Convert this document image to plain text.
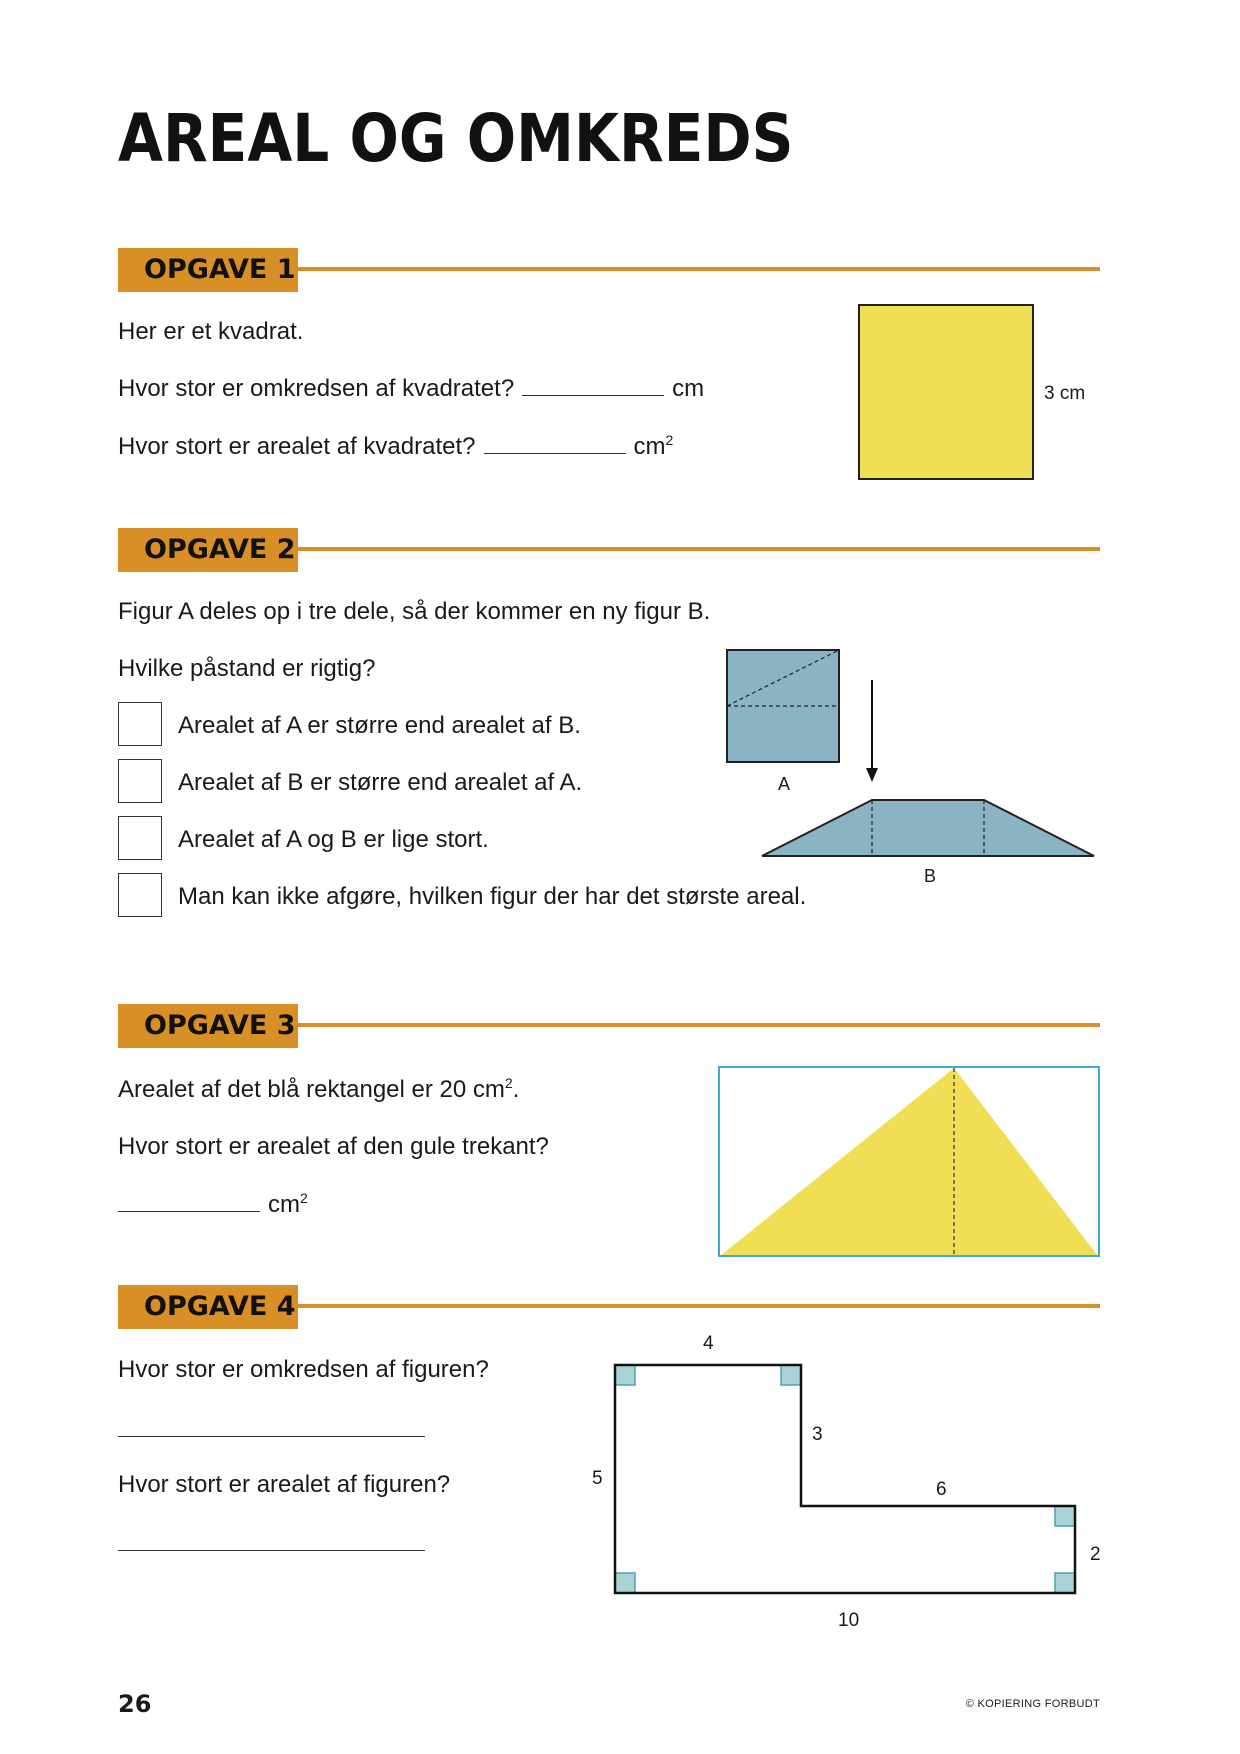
AREAL OG OMKREDS
OPGAVE 1
Her er et kvadrat.
Hvor stor er omkredsen af kvadratet?	cm
Hvor stort er arealet af kvadratet?	$cm^2$
3 cm
OPGAVE 2
Figur A deles op i tre dele, så der kommer en ny figur B.
Hvilke påstand er rigtig?
Arealet af A er større end arealet af B.
Arealet af B er større end arealet af A.
Arealet af A og B er lige stort.
Man kan ikke afgøre, hvilken figur der har det største areal.
A
B
OPGAVE 3
Arealet af det blå rektangel er 20 $cm^2$.
Hvor stort er arealet af den gule trekant?
$cm^2$
OPGAVE 4
Hvor stor er omkredsen af figuren?
Hvor stort er arealet af figuren?
4
3
5
6
2
10
26	© KOPIERING FORBUDT
